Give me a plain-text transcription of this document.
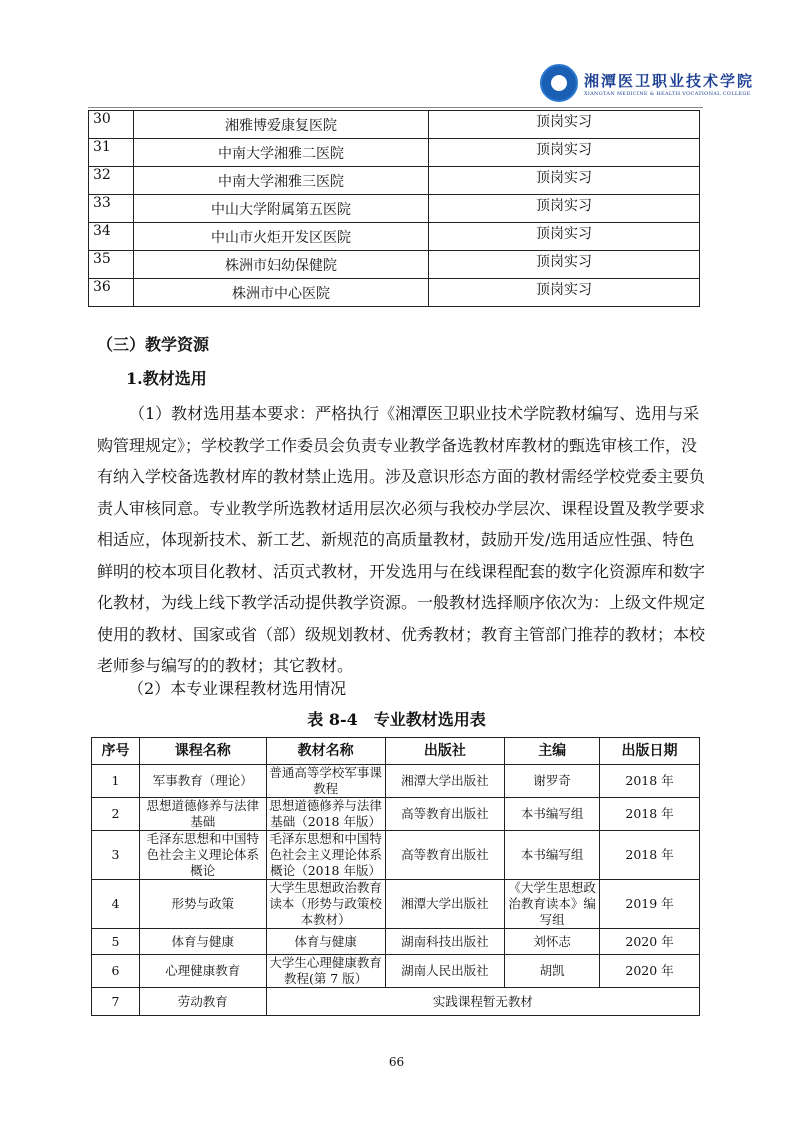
湘潭医卫职业技术学院
XIANGTAN MEDICINE & HEALTH VOCATIONAL COLLEGE
30	湘雅博爱康复医院	顶岗实习
31	中南大学湘雅二医院	顶岗实习
32	中南大学湘雅三医院	顶岗实习
33	中山大学附属第五医院	顶岗实习
34	中山市火炬开发区医院	顶岗实习
35	株洲市妇幼保健院	顶岗实习
36	株洲市中心医院	顶岗实习
（三）教学资源
1.教材选用
（1）教材选用基本要求：严格执行《湘潭医卫职业技术学院教材编写、选用与采
购管理规定》；学校教学工作委员会负责专业教学备选教材库教材的甄选审核工作，没
有纳入学校备选教材库的教材禁止选用。涉及意识形态方面的教材需经学校党委主要负
责人审核同意。专业教学所选教材适用层次必须与我校办学层次、课程设置及教学要求
相适应，体现新技术、新工艺、新规范的高质量教材，鼓励开发/选用适应性强、特色
鲜明的校本项目化教材、活页式教材，开发选用与在线课程配套的数字化资源库和数字
化教材，为线上线下教学活动提供教学资源。一般教材选择顺序依次为：上级文件规定
使用的教材、国家或省（部）级规划教材、优秀教材；教育主管部门推荐的教材；本校
老师参与编写的的教材；其它教材。
（2）本专业课程教材选用情况
表 8-4　专业教材选用表
序号	课程名称	教材名称	出版社	主编	出版日期
1	军事教育（理论）	普通高等学校军事课教程	湘潭大学出版社	谢罗奇	2018 年
2	思想道德修养与法律基础	思想道德修养与法律基础（2018 年版）	高等教育出版社	本书编写组	2018 年
3	毛泽东思想和中国特色社会主义理论体系概论	毛泽东思想和中国特色社会主义理论体系概论（2018 年版）	高等教育出版社	本书编写组	2018 年
4	形势与政策	大学生思想政治教育读本（形势与政策校本教材）	湘潭大学出版社	《大学生思想政治教育读本》编写组	2019 年
5	体育与健康	体育与健康	湖南科技出版社	刘怀志	2020 年
6	心理健康教育	大学生心理健康教育教程(第 7 版）	湖南人民出版社	胡凯	2020 年
7	劳动教育	实践课程暂无教材			
66
